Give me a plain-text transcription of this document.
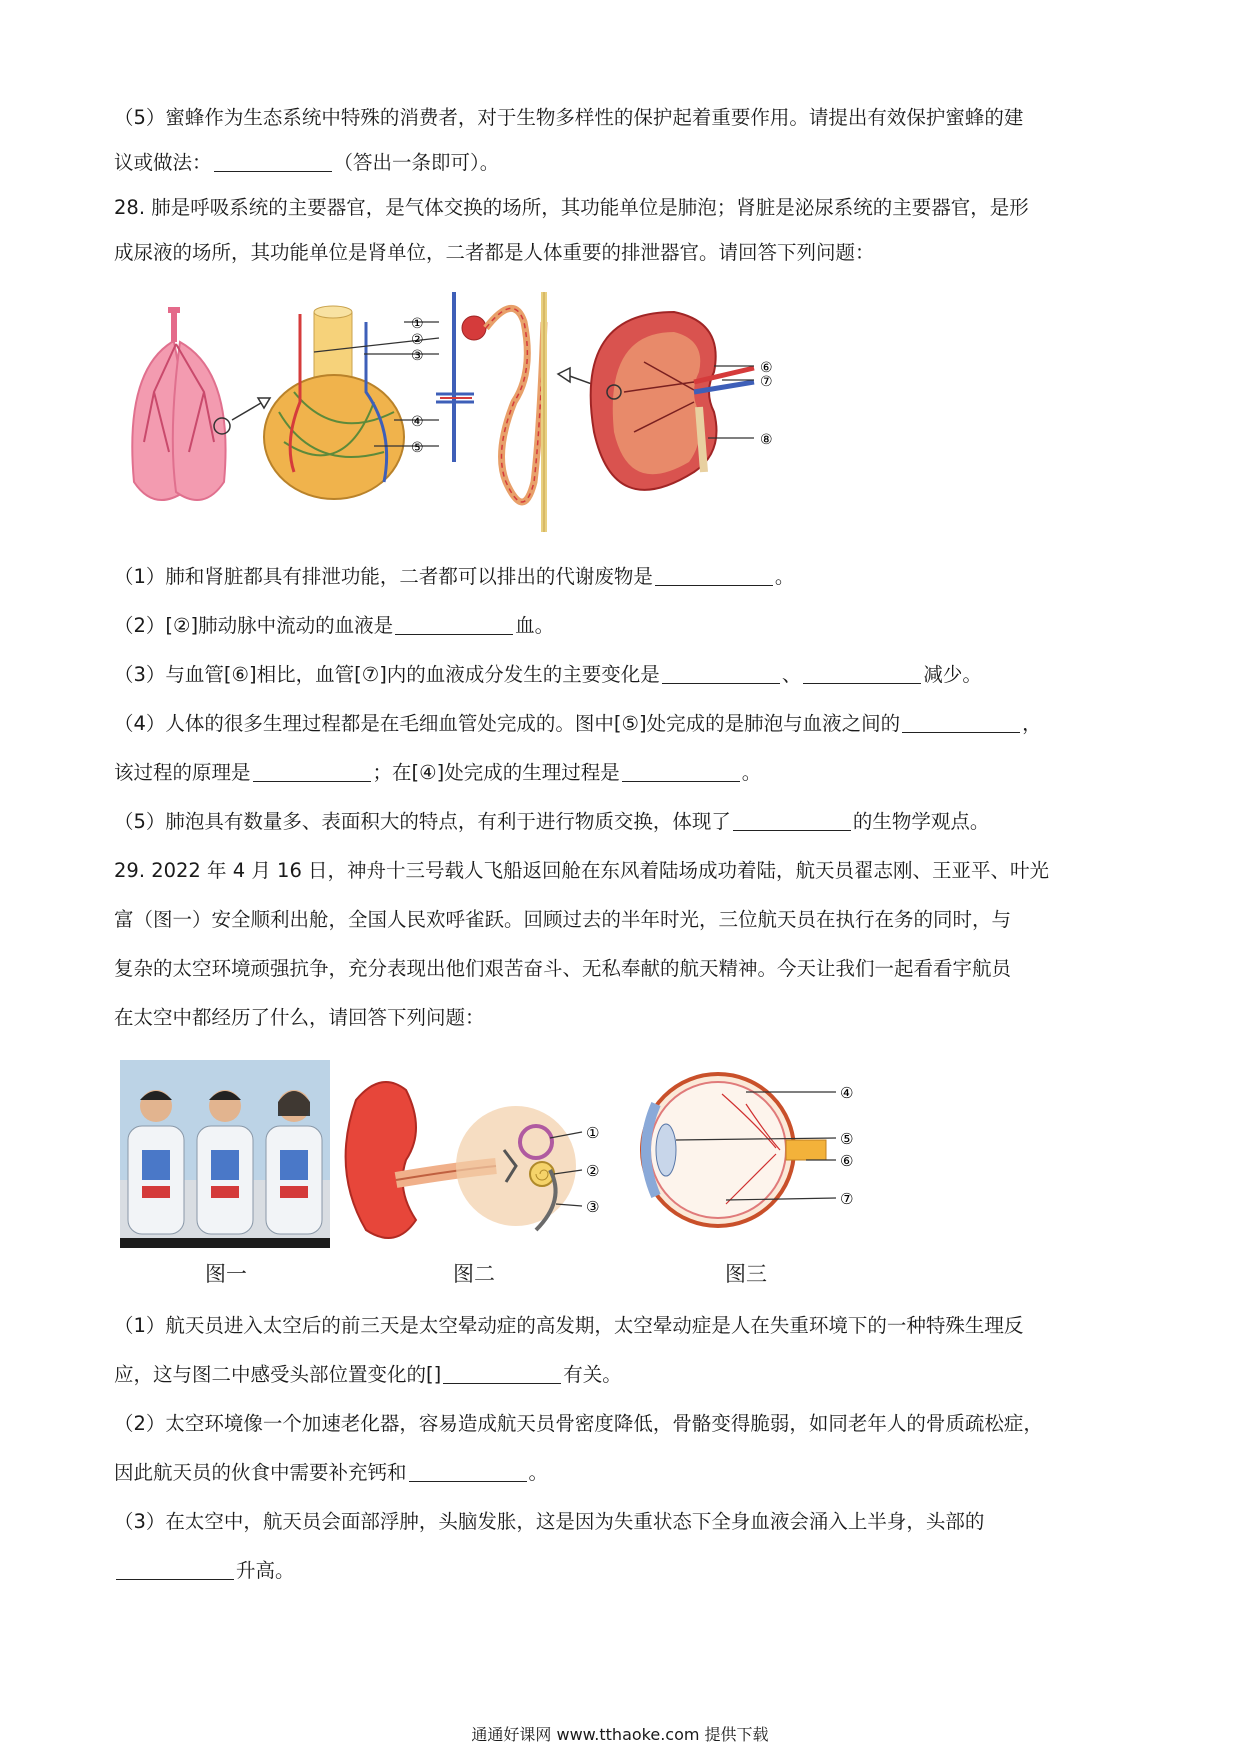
（5）蜜蜂作为生态系统中特殊的消费者，对于生物多样性的保护起着重要作用。请提出有效保护蜜蜂的建
议或做法：	（答出一条即可）。
28. 肺是呼吸系统的主要器官，是气体交换的场所，其功能单位是肺泡；肾脏是泌尿系统的主要器官，是形
成尿液的场所，其功能单位是肾单位，二者都是人体重要的排泄器官。请回答下列问题：
①
②
③
④
⑤
⑥
⑦
⑧
（1）肺和肾脏都具有排泄功能，二者都可以排出的代谢废物是	。
（2）[②]肺动脉中流动的血液是	血。
（3）与血管[⑥]相比，血管[⑦]内的血液成分发生的主要变化是	、	减少。
（4）人体的很多生理过程都是在毛细血管处完成的。图中[⑤]处完成的是肺泡与血液之间的	，
该过程的原理是	；在[④]处完成的生理过程是	。
（5）肺泡具有数量多、表面积大的特点，有利于进行物质交换，体现了	的生物学观点。
29. 2022 年 4 月 16 日，神舟十三号载人飞船返回舱在东风着陆场成功着陆，航天员翟志刚、王亚平、叶光
富（图一）安全顺利出舱，全国人民欢呼雀跃。回顾过去的半年时光，三位航天员在执行在务的同时，与
复杂的太空环境顽强抗争，充分表现出他们艰苦奋斗、无私奉献的航天精神。今天让我们一起看看宇航员
在太空中都经历了什么，请回答下列问题：
①
②
③
④
⑤
⑥
⑦
图一	图二	图三
（1）航天员进入太空后的前三天是太空晕动症的高发期，太空晕动症是人在失重环境下的一种特殊生理反
应，这与图二中感受头部位置变化的[]	有关。
（2）太空环境像一个加速老化器，容易造成航天员骨密度降低，骨骼变得脆弱，如同老年人的骨质疏松症，
因此航天员的伙食中需要补充钙和	。
（3）在太空中，航天员会面部浮肿，头脑发胀，这是因为失重状态下全身血液会涌入上半身，头部的
升高。
通通好课网 www.tthaoke.com 提供下载
